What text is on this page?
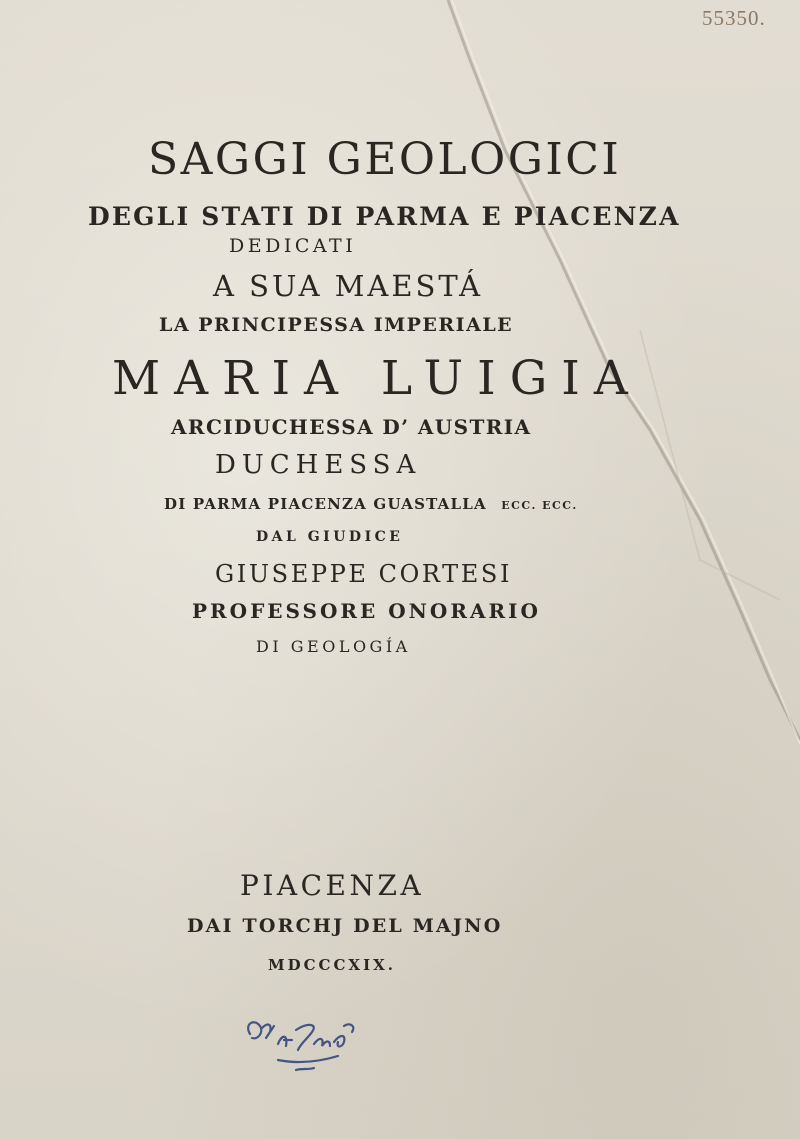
55350.
SAGGI GEOLOGICI
DEGLI STATI DI PARMA E PIACENZA
DEDICATI
A SUA MAESTÁ
LA PRINCIPESSA IMPERIALE
MARIA LUIGIA
ARCIDUCHESSA D’ AUSTRIA
DUCHESSA
DI PARMA PIACENZA GUASTALLA ECC. ECC.
DAL GIUDICE
GIUSEPPE CORTESI
PROFESSORE ONORARIO
DI GEOLOGÍA
PIACENZA
DAI TORCHJ DEL MAJNO
MDCCCXIX.
